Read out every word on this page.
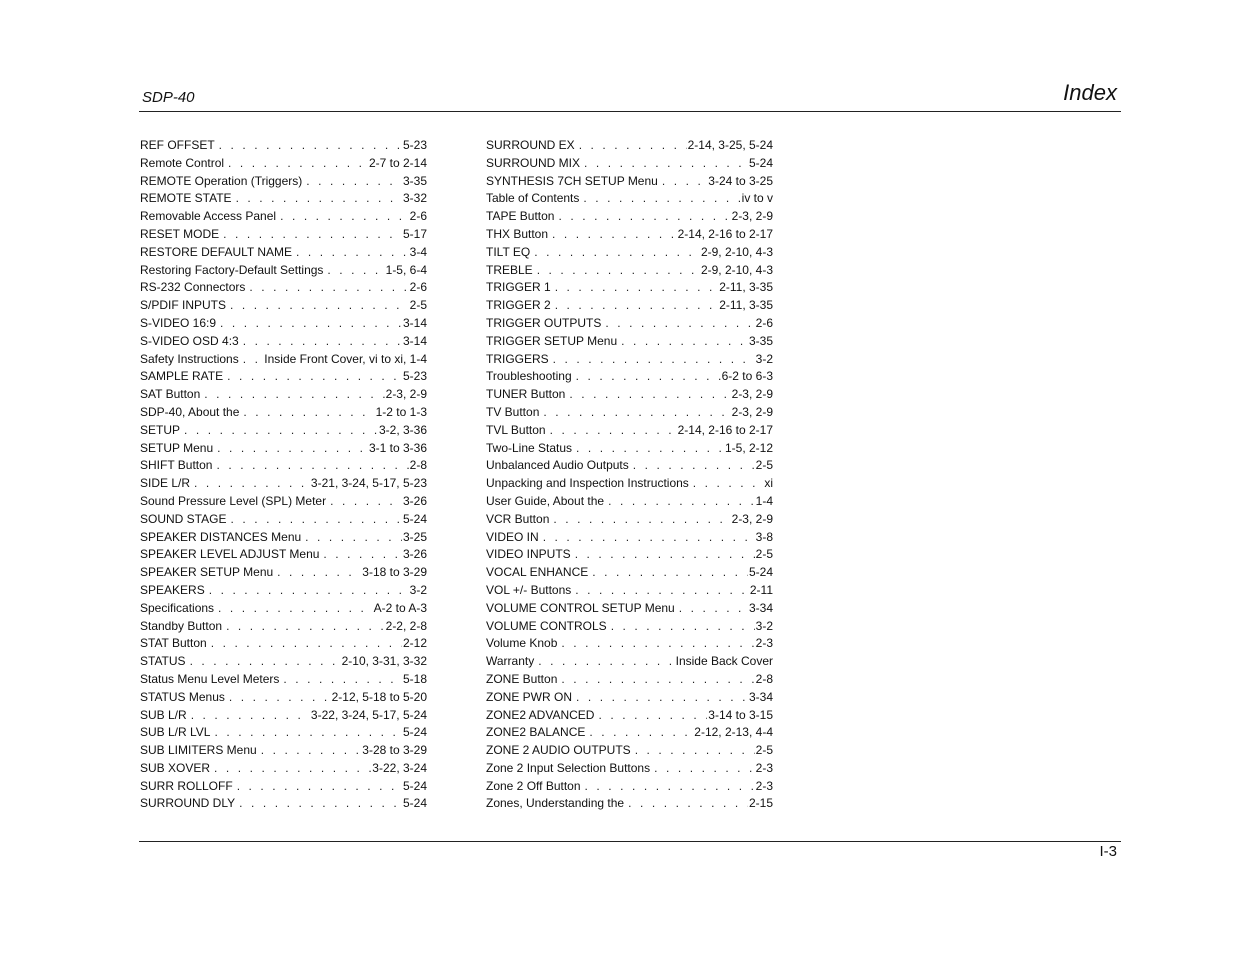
SDP-40	Index
REF OFFSET . . .	5-23
Remote Control . . .	2-7 to 2-14
REMOTE Operation (Triggers) . . .	3-35
REMOTE STATE . . .	3-32
Removable Access Panel . . .	2-6
RESET MODE . . .	5-17
RESTORE DEFAULT NAME . . .	3-4
Restoring Factory-Default Settings . . .	1-5, 6-4
RS-232 Connectors . . .	2-6
S/PDIF INPUTS . . .	2-5
S-VIDEO 16:9 . . .	3-14
S-VIDEO OSD 4:3 . . .	3-14
Safety Instructions . . .	Inside Front Cover, vi to xi, 1-4
SAMPLE RATE . . .	5-23
SAT Button . . .	2-3, 2-9
SDP-40, About the . . .	1-2 to 1-3
SETUP . . .	3-2, 3-36
SETUP Menu . . .	3-1 to 3-36
SHIFT Button . . .	2-8
SIDE L/R . . .	3-21, 3-24, 5-17, 5-23
Sound Pressure Level (SPL) Meter . . .	3-26
SOUND STAGE . . .	5-24
SPEAKER DISTANCES Menu . . .	3-25
SPEAKER LEVEL ADJUST Menu . . .	3-26
SPEAKER SETUP Menu . . .	3-18 to 3-29
SPEAKERS . . .	3-2
Specifications . . .	A-2 to A-3
Standby Button . . .	2-2, 2-8
STAT Button . . .	2-12
STATUS . . .	2-10, 3-31, 3-32
Status Menu Level Meters . . .	5-18
STATUS Menus . . .	2-12, 5-18 to 5-20
SUB L/R . . .	3-22, 3-24, 5-17, 5-24
SUB L/R LVL . . .	5-24
SUB LIMITERS Menu . . .	3-28 to 3-29
SUB XOVER . . .	3-22, 3-24
SURR ROLLOFF . . .	5-24
SURROUND DLY . . .	5-24
SURROUND EX . . .	2-14, 3-25, 5-24
SURROUND MIX . . .	5-24
SYNTHESIS 7CH SETUP Menu . . .	3-24 to 3-25
Table of Contents . . .	iv to v
TAPE Button . . .	2-3, 2-9
THX Button . . .	2-14, 2-16 to 2-17
TILT EQ . . .	2-9, 2-10, 4-3
TREBLE . . .	2-9, 2-10, 4-3
TRIGGER 1 . . .	2-11, 3-35
TRIGGER 2 . . .	2-11, 3-35
TRIGGER OUTPUTS . . .	2-6
TRIGGER SETUP Menu . . .	3-35
TRIGGERS . . .	3-2
Troubleshooting . . .	6-2 to 6-3
TUNER Button . . .	2-3, 2-9
TV Button . . .	2-3, 2-9
TVL Button . . .	2-14, 2-16 to 2-17
Two-Line Status . . .	1-5, 2-12
Unbalanced Audio Outputs . . .	2-5
Unpacking and Inspection Instructions . . .	xi
User Guide, About the . . .	1-4
VCR Button . . .	2-3, 2-9
VIDEO IN . . .	3-8
VIDEO INPUTS . . .	2-5
VOCAL ENHANCE . . .	5-24
VOL +/- Buttons . . .	2-11
VOLUME CONTROL SETUP Menu . . .	3-34
VOLUME CONTROLS . . .	3-2
Volume Knob . . .	2-3
Warranty . . .	Inside Back Cover
ZONE Button . . .	2-8
ZONE PWR ON . . .	3-34
ZONE2 ADVANCED . . .	3-14 to 3-15
ZONE2 BALANCE . . .	2-12, 2-13, 4-4
ZONE 2 AUDIO OUTPUTS . . .	2-5
Zone 2 Input Selection Buttons . . .	2-3
Zone 2 Off Button . . .	2-3
Zones, Understanding the . . .	2-15
I-3
